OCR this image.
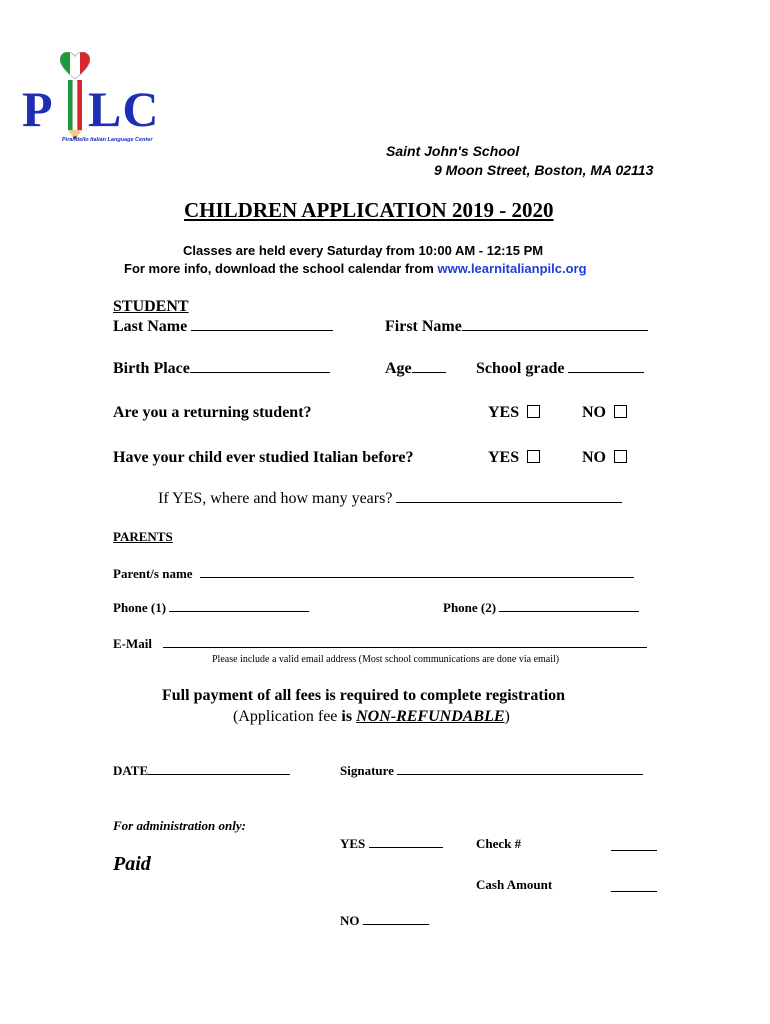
P LC
Pirandello Italian Language Center
Saint John's School
9 Moon Street, Boston, MA 02113
CHILDREN APPLICATION 2019 - 2020
Classes are held every Saturday from 10:00 AM - 12:15 PM
For more info, download the school calendar from www.learnitalianpilc.org
STUDENT
Last Name	First Name
Birth Place	Age	School grade
Are you a returning student?	YES	NO
Have your child ever studied Italian before?	YES	NO
If YES, where and how many years?
PARENTS
Parent/s name
Phone (1)	Phone (2)
E-Mail
Please include a valid email address (Most school communications are done via email)
Full payment of all fees is required to complete registration
(Application fee is NON-REFUNDABLE)
DATE	Signature
For administration only:
YES	Check #
Paid
Cash Amount
NO
